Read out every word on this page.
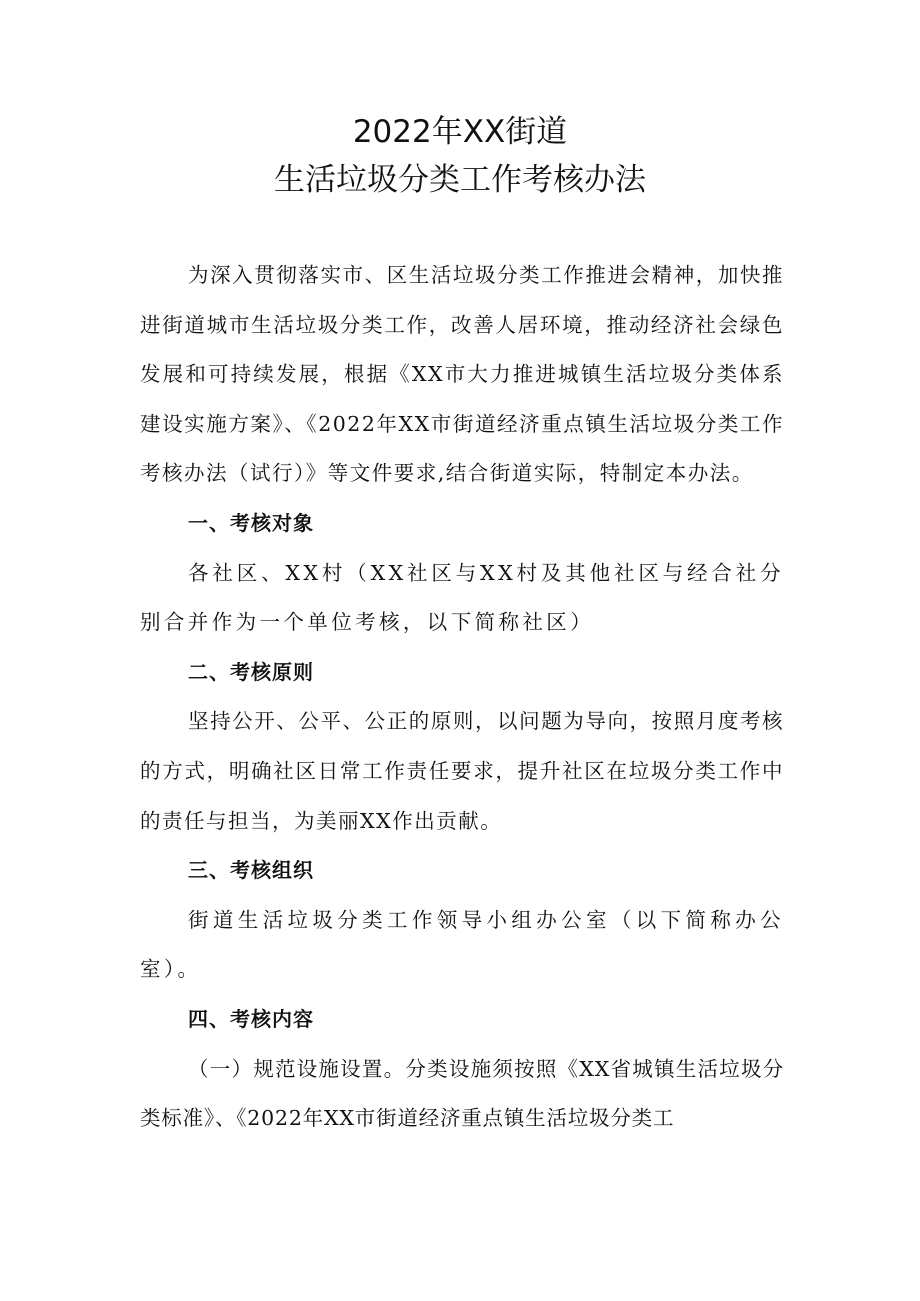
2022年XX街道
生活垃圾分类工作考核办法

为深入贯彻落实市、区生活垃圾分类工作推进会精神，加快推进街道城市生活垃圾分类工作，改善人居环境，推动经济社会绿色发展和可持续发展，根据《XX市大力推进城镇生活垃圾分类体系建设实施方案》、《2022年XX市街道经济重点镇生活垃圾分类工作考核办法（试行）》等文件要求,结合街道实际，特制定本办法。

一、考核对象

各社区、XX村（XX社区与XX村及其他社区与经合社分别合并作为一个单位考核，以下简称社区）

二、考核原则

坚持公开、公平、公正的原则，以问题为导向，按照月度考核的方式，明确社区日常工作责任要求，提升社区在垃圾分类工作中的责任与担当，为美丽XX作出贡献。

三、考核组织

街道生活垃圾分类工作领导小组办公室（以下简称办公室）。

四、考核内容

（一）规范设施设置。分类设施须按照《XX省城镇生活垃圾分类标准》、《2022年XX市街道经济重点镇生活垃圾分类工
